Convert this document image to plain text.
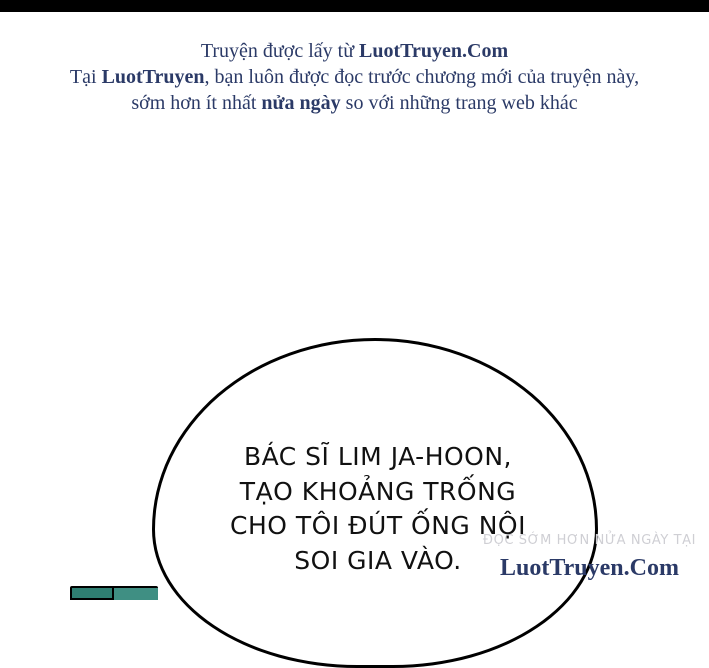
Truyện được lấy từ LuotTruyen.Com
Tại LuotTruyen, bạn luôn được đọc trước chương mới của truyện này,
sớm hơn ít nhất nửa ngày so với những trang web khác
BÁC SĨ LIM JA-HOON,
TẠO KHOẢNG TRỐNG
CHO TÔI ĐÚT ỐNG NỘI
SOI GIA VÀO.
ĐỌC SỚM HƠN NỬA NGÀY TẠI
LuotTruyen.Com
